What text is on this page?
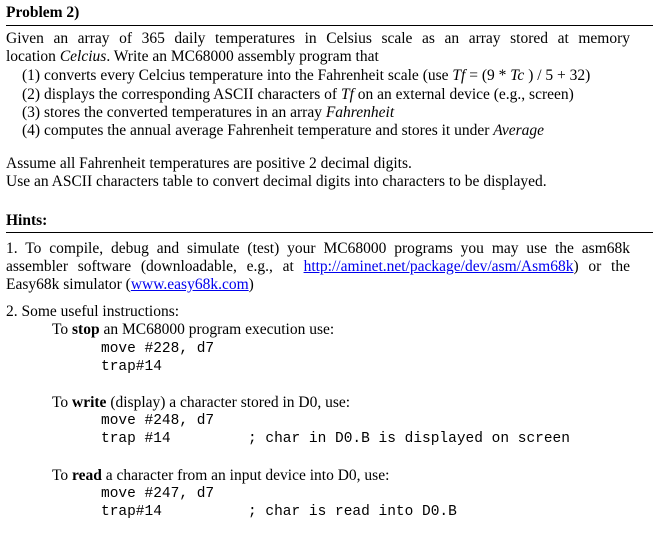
Problem 2)
Given an array of 365 daily temperatures in Celsius scale as an array stored at memory
location Celcius. Write an MC68000 assembly program that
(1) converts every Celcius temperature into the Fahrenheit scale (use Tf = (9 * Tc ) / 5 + 32)
(2) displays the corresponding ASCII characters of Tf on an external device (e.g., screen)
(3) stores the converted temperatures in an array Fahrenheit
(4) computes the annual average Fahrenheit temperature and stores it under Average
Assume all Fahrenheit temperatures are positive 2 decimal digits.
Use an ASCII characters table to convert decimal digits into characters to be displayed.
Hints:
1. To compile, debug and simulate (test) your MC68000 programs you may use the asm68k
assembler software (downloadable, e.g., at http://aminet.net/package/dev/asm/Asm68k) or the
Easy68k simulator (www.easy68k.com)
2. Some useful instructions:
To stop an MC68000 program execution use:
move #228, d7
trap#14
To write (display) a character stored in D0, use:
move #248, d7
trap #14	; char in D0.B is displayed on screen
To read a character from an input device into D0, use:
move #247, d7
trap#14	; char is read into D0.B
